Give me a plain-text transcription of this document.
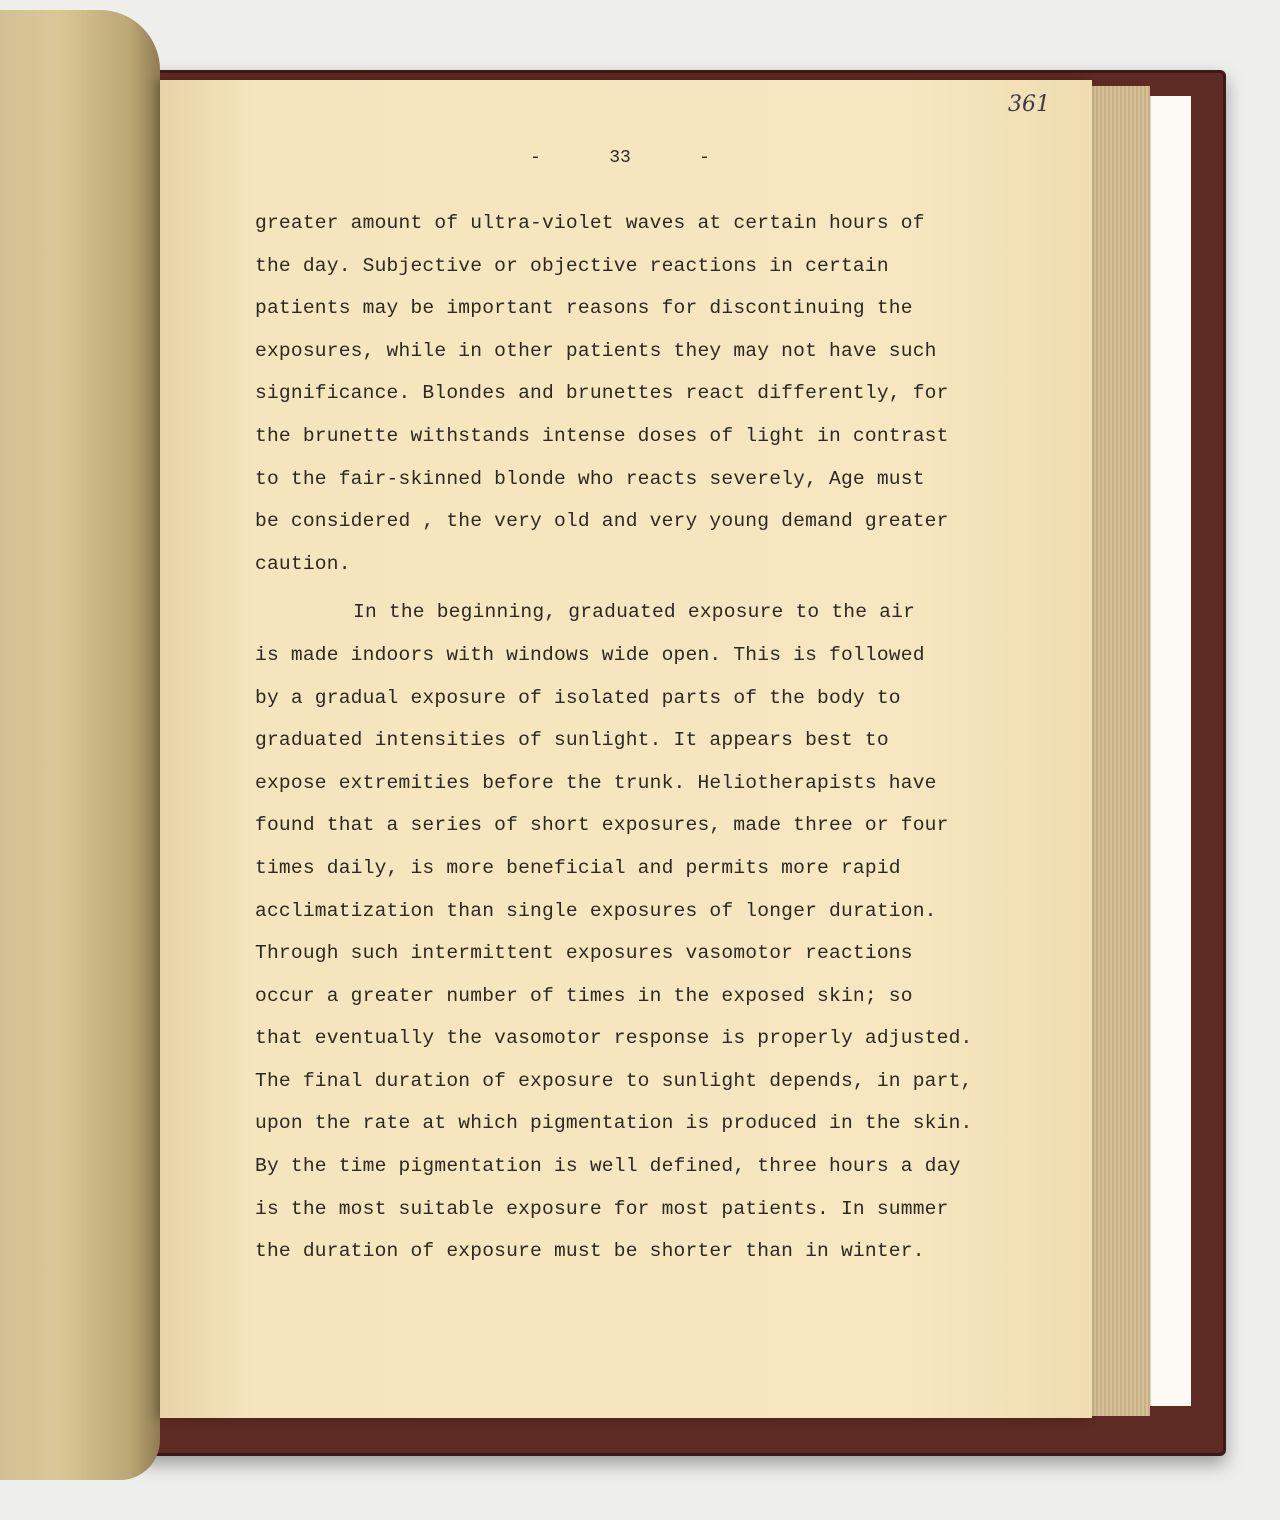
361
-	33	-
greater amount of ultra-violet waves at certain hours of
the day. Subjective or objective reactions in certain
patients may be important reasons for discontinuing the
exposures, while in other patients they may not have such
significance. Blondes and brunettes react differently, for
the brunette withstands intense doses of light in contrast
to the fair-skinned blonde who reacts severely, Age must
be considered , the very old and very young demand greater
caution.
In the beginning, graduated exposure to the air
is made indoors with windows wide open. This is followed
by a gradual exposure of isolated parts of the body to
graduated intensities of sunlight. It appears best to
expose extremities before the trunk. Heliotherapists have
found that a series of short exposures, made three or four
times daily, is more beneficial and permits more rapid
acclimatization than single exposures of longer duration.
Through such intermittent exposures vasomotor reactions
occur a greater number of times in the exposed skin; so
that eventually the vasomotor response is properly adjusted.
The final duration of exposure to sunlight depends, in part,
upon the rate at which pigmentation is produced in the skin.
By the time pigmentation is well defined, three hours a day
is the most suitable exposure for most patients. In summer
the duration of exposure must be shorter than in winter.
